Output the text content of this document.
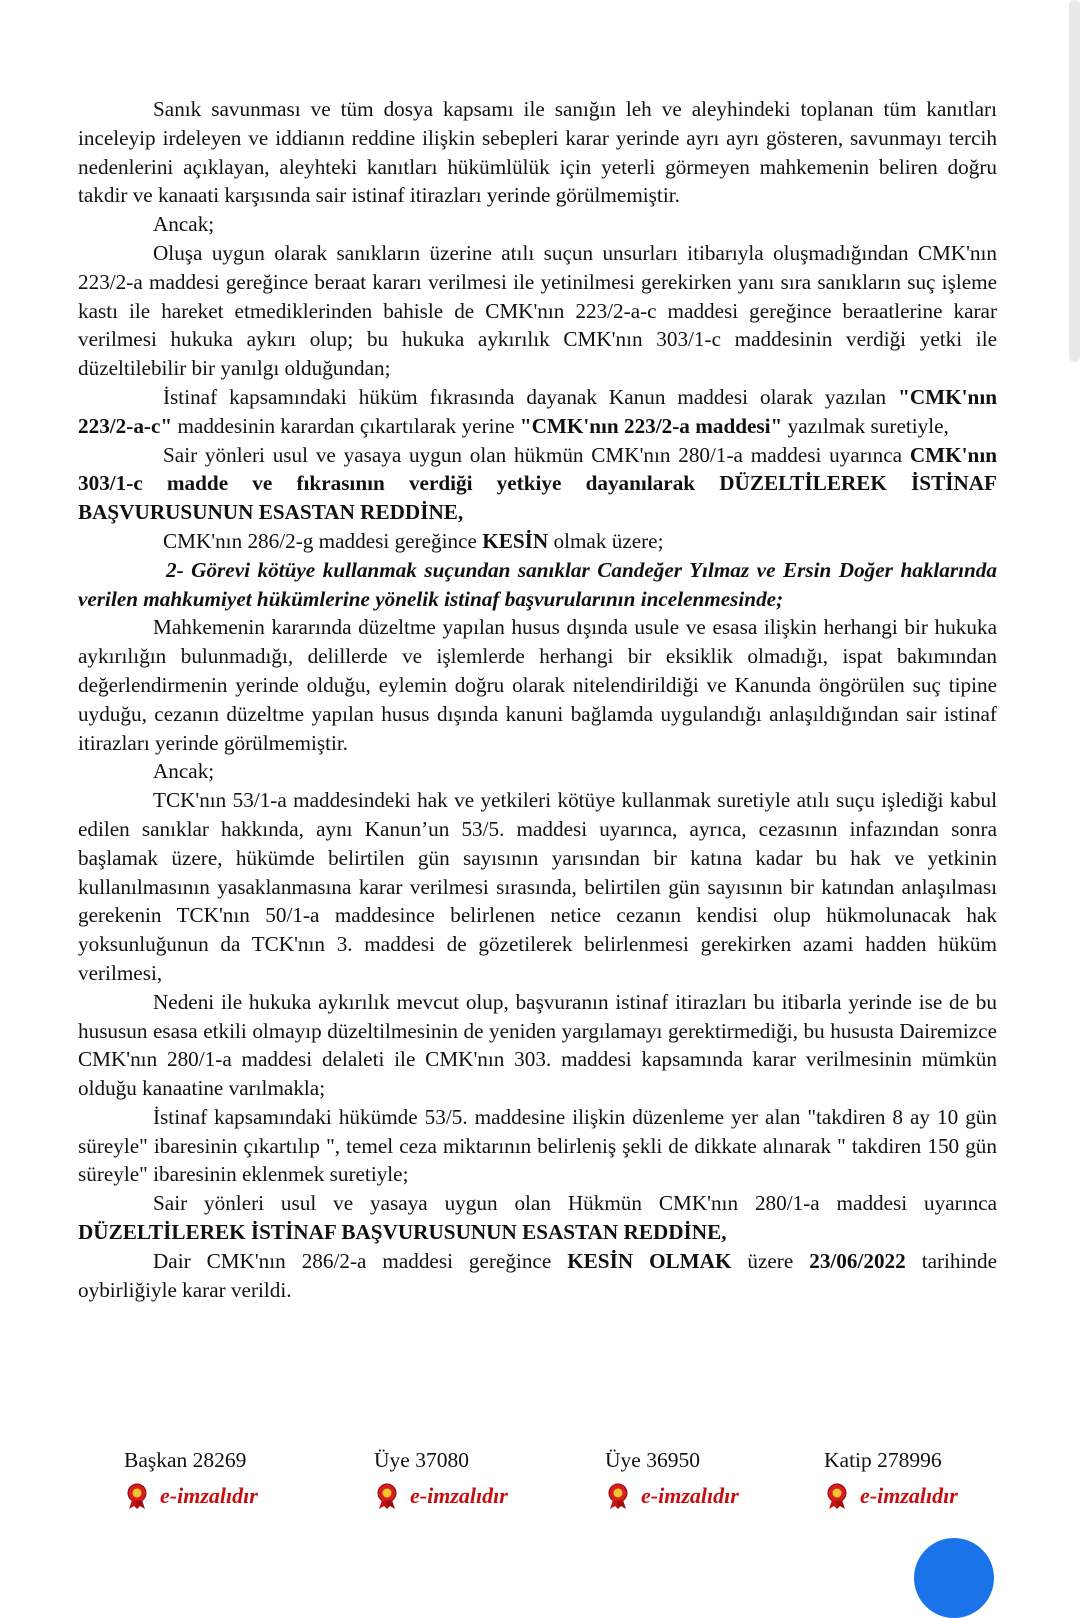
Sanık savunması ve tüm dosya kapsamı ile sanığın leh ve aleyhindeki toplanan tüm kanıtları inceleyip irdeleyen ve iddianın reddine ilişkin sebepleri karar yerinde ayrı ayrı gösteren, savunmayı tercih nedenlerini açıklayan, aleyhteki kanıtları hükümlülük için yeterli görmeyen mahkemenin beliren doğru takdir ve kanaati karşısında sair istinaf itirazları yerinde görülmemiştir.

Ancak;

Oluşa uygun olarak sanıkların üzerine atılı suçun unsurları itibarıyla oluşmadığından CMK'nın 223/2-a maddesi gereğince beraat kararı verilmesi ile yetinilmesi gerekirken yanı sıra sanıkların suç işleme kastı ile hareket etmediklerinden bahisle de CMK'nın 223/2-a-c maddesi gereğince beraatlerine karar verilmesi hukuka aykırı olup; bu hukuka aykırılık CMK'nın 303/1-c maddesinin verdiği yetki ile düzeltilebilir bir yanılgı olduğundan;

İstinaf kapsamındaki hüküm fıkrasında dayanak Kanun maddesi olarak yazılan "CMK'nın 223/2-a-c" maddesinin karardan çıkartılarak yerine "CMK'nın 223/2-a maddesi" yazılmak suretiyle,

Sair yönleri usul ve yasaya uygun olan hükmün CMK'nın 280/1-a maddesi uyarınca CMK'nın 303/1-c madde ve fıkrasının verdiği yetkiye dayanılarak DÜZELTİLEREK İSTİNAF BAŞVURUSUNUN ESASTAN REDDİNE,

CMK'nın 286/2-g maddesi gereğince KESİN olmak üzere;

2- Görevi kötüye kullanmak suçundan sanıklar Candeğer Yılmaz ve Ersin Doğer haklarında verilen mahkumiyet hükümlerine yönelik istinaf başvurularının incelenmesinde;

Mahkemenin kararında düzeltme yapılan husus dışında usule ve esasa ilişkin herhangi bir hukuka aykırılığın bulunmadığı, delillerde ve işlemlerde herhangi bir eksiklik olmadığı, ispat bakımından değerlendirmenin yerinde olduğu, eylemin doğru olarak nitelendirildiği ve Kanunda öngörülen suç tipine uyduğu, cezanın düzeltme yapılan husus dışında kanuni bağlamda uygulandığı anlaşıldığından sair istinaf itirazları yerinde görülmemiştir.

Ancak;

TCK'nın 53/1-a maddesindeki hak ve yetkileri kötüye kullanmak suretiyle atılı suçu işlediği kabul edilen sanıklar hakkında, aynı Kanun’un 53/5. maddesi uyarınca, ayrıca, cezasının infazından sonra başlamak üzere, hükümde belirtilen gün sayısının yarısından bir katına kadar bu hak ve yetkinin kullanılmasının yasaklanmasına karar verilmesi sırasında, belirtilen gün sayısının bir katından anlaşılması gerekenin TCK'nın 50/1-a maddesince belirlenen netice cezanın kendisi olup hükmolunacak hak yoksunluğunun da TCK'nın 3. maddesi de gözetilerek belirlenmesi gerekirken azami hadden hüküm verilmesi,

Nedeni ile hukuka aykırılık mevcut olup, başvuranın istinaf itirazları bu itibarla yerinde ise de bu hususun esasa etkili olmayıp düzeltilmesinin de yeniden yargılamayı gerektirmediği, bu hususta Dairemizce CMK'nın 280/1-a maddesi delaleti ile CMK'nın 303. maddesi kapsamında karar verilmesinin mümkün olduğu kanaatine varılmakla;

İstinaf kapsamındaki hükümde 53/5. maddesine ilişkin düzenleme yer alan "takdiren 8 ay 10 gün süreyle" ibaresinin çıkartılıp ", temel ceza miktarının belirleniş şekli de dikkate alınarak " takdiren 150 gün süreyle" ibaresinin eklenmek suretiyle;

Sair yönleri usul ve yasaya uygun olan Hükmün CMK'nın 280/1-a maddesi uyarınca DÜZELTİLEREK İSTİNAF BAŞVURUSUNUN ESASTAN REDDİNE,

Dair CMK'nın 286/2-a maddesi gereğince KESİN OLMAK üzere 23/06/2022 tarihinde oybirliğiyle karar verildi.

Başkan 28269
e-imzalıdır
Üye 37080
e-imzalıdır
Üye 36950
e-imzalıdır
Katip 278996
e-imzalıdır
